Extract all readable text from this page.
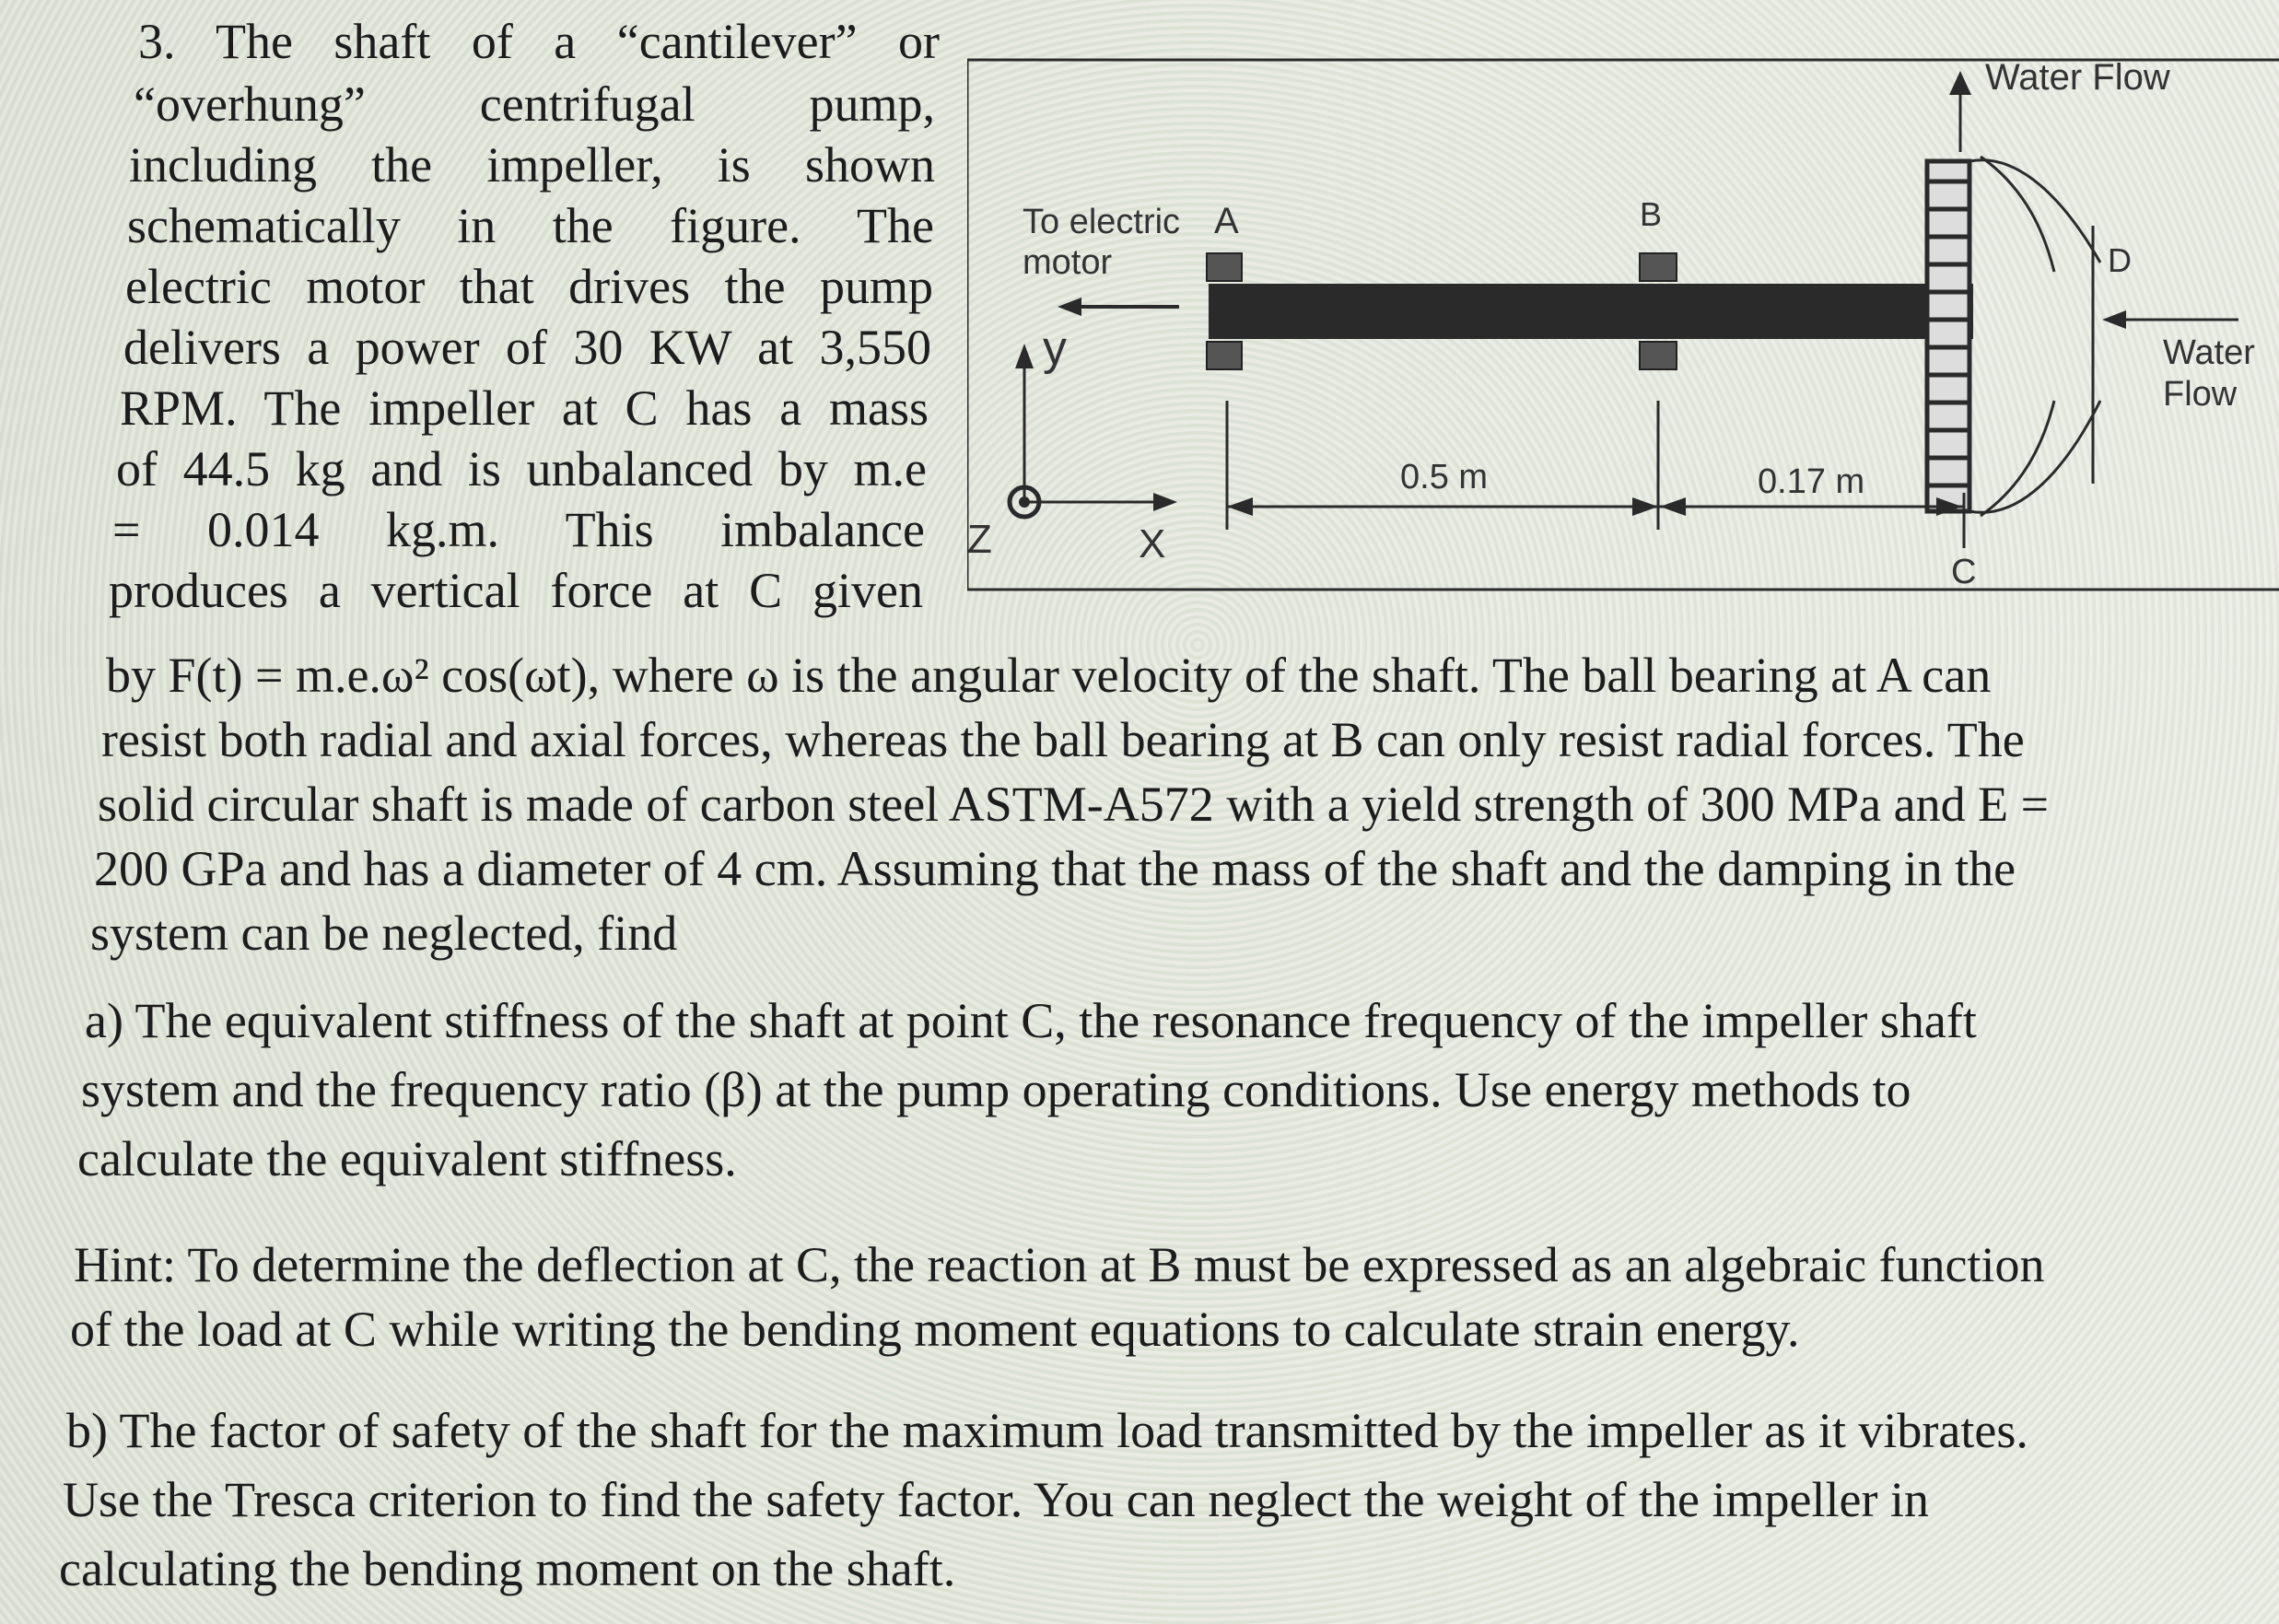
3. The shaft of a “cantilever” or
“overhung” centrifugal pump,
including the impeller, is shown
schematically in the figure. The
electric motor that drives the pump
delivers a power of 30 KW at 3,550
RPM. The impeller at C has a mass
of 44.5 kg and is unbalanced by m.e
= 0.014 kg.m. This imbalance
produces a vertical force at C given
Water Flow
Water
Flow
To electric
motor
A	B
D
C
y
X
Z
0.5 m	0.17 m
by F(t) = m.e.ω² cos(ωt), where ω is the angular velocity of the shaft. The ball bearing at A can
resist both radial and axial forces, whereas the ball bearing at B can only resist radial forces. The
solid circular shaft is made of carbon steel ASTM-A572 with a yield strength of 300 MPa and E =
200 GPa and has a diameter of 4 cm. Assuming that the mass of the shaft and the damping in the
system can be neglected, find
a) The equivalent stiffness of the shaft at point C, the resonance frequency of the impeller shaft
system and the frequency ratio (β) at the pump operating conditions. Use energy methods to
calculate the equivalent stiffness.
Hint: To determine the deflection at C, the reaction at B must be expressed as an algebraic function
of the load at C while writing the bending moment equations to calculate strain energy.
b) The factor of safety of the shaft for the maximum load transmitted by the impeller as it vibrates.
Use the Tresca criterion to find the safety factor. You can neglect the weight of the impeller in
calculating the bending moment on the shaft.
